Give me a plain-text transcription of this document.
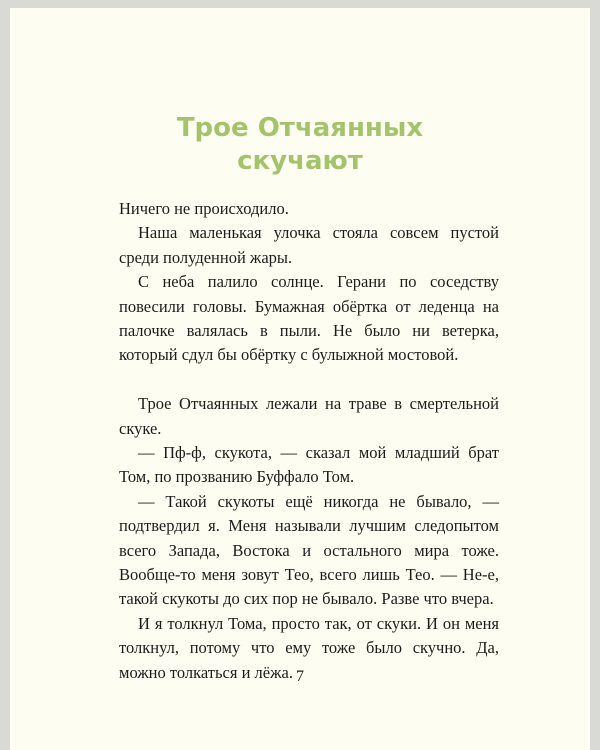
Трое Отчаянных
скучают

Ничего не происходило.

Наша маленькая улочка стояла совсем пустой среди полуденной жары.

С неба палило солнце. Герани по соседству повесили головы. Бумажная обёртка от леденца на палочке валялась в пыли. Не было ни ветерка, который сдул бы обёртку с булыжной мостовой.

Трое Отчаянных лежали на траве в смертельной скуке.

— Пф-ф, скукота, — сказал мой младший брат Том, по прозванию Буффало Том.

— Такой скукоты ещё никогда не бывало, — подтвердил я. Меня называли лучшим следопытом всего Запада, Востока и остального мира тоже. Вообще-то меня зовут Тео, всего лишь Тео. — Не-е, такой скукоты до сих пор не бывало. Разве что вчера.

И я толкнул Тома, просто так, от скуки. И он меня толкнул, потому что ему тоже было скучно. Да, можно толкаться и лёжа. 7
